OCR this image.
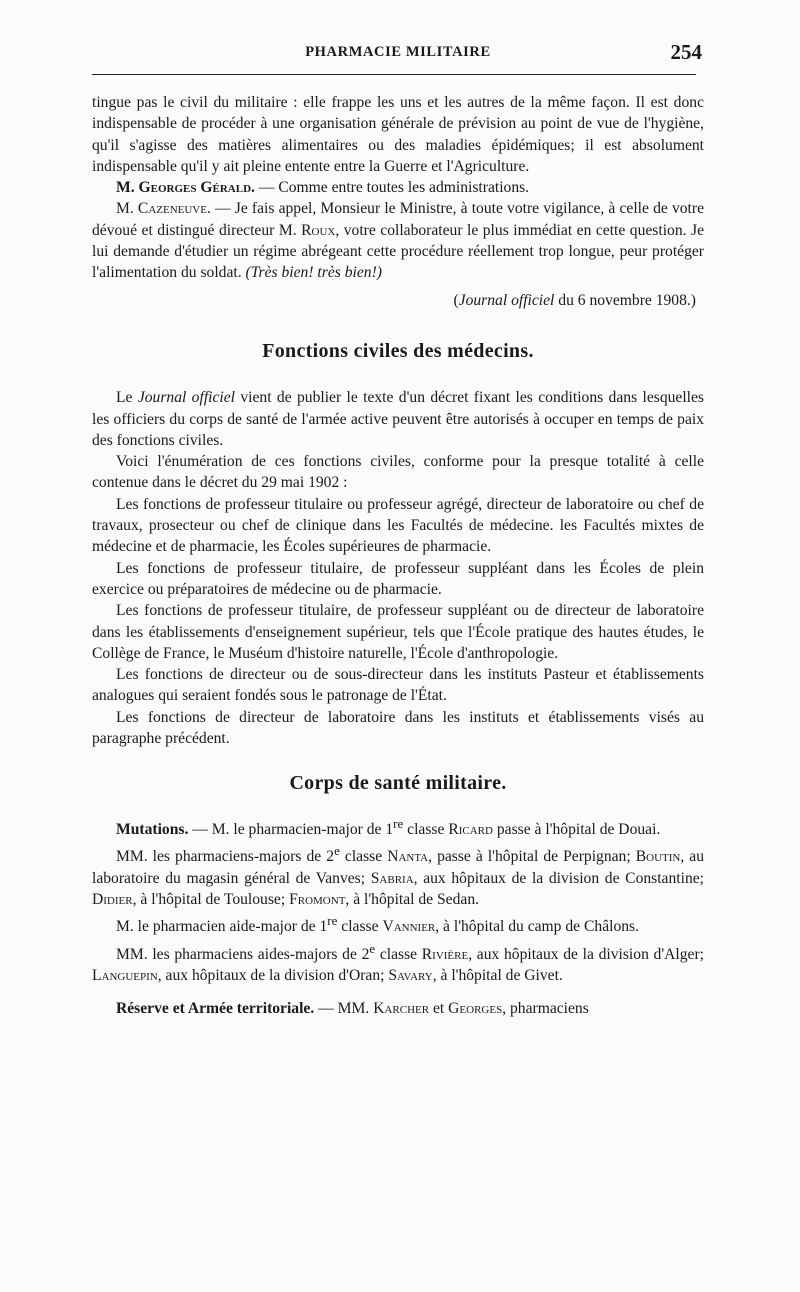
PHARMACIE MILITAIRE	254

tingue pas le civil du militaire : elle frappe les uns et les autres de la même façon. Il est donc indispensable de procéder à une organisation générale de prévision au point de vue de l'hygiène, qu'il s'agisse des matières alimentaires ou des maladies épidémiques; il est absolument indispensable qu'il y ait pleine entente entre la Guerre et l'Agriculture.

M. Georges Gérald. — Comme entre toutes les administrations.

M. Cazeneuve. — Je fais appel, Monsieur le Ministre, à toute votre vigilance, à celle de votre dévoué et distingué directeur M. Roux, votre collaborateur le plus immédiat en cette question. Je lui demande d'étudier un régime abrégeant cette procédure réellement trop longue, peur protéger l'alimentation du soldat. (Très bien! très bien!)

(Journal officiel du 6 novembre 1908.)

Fonctions civiles des médecins.

Le Journal officiel vient de publier le texte d'un décret fixant les conditions dans lesquelles les officiers du corps de santé de l'armée active peuvent être autorisés à occuper en temps de paix des fonctions civiles.

Voici l'énumération de ces fonctions civiles, conforme pour la presque totalité à celle contenue dans le décret du 29 mai 1902 :

Les fonctions de professeur titulaire ou professeur agrégé, directeur de laboratoire ou chef de travaux, prosecteur ou chef de clinique dans les Facultés de médecine. les Facultés mixtes de médecine et de pharmacie, les Écoles supérieures de pharmacie.

Les fonctions de professeur titulaire, de professeur suppléant dans les Écoles de plein exercice ou préparatoires de médecine ou de pharmacie.

Les fonctions de professeur titulaire, de professeur suppléant ou de directeur de laboratoire dans les établissements d'enseignement supérieur, tels que l'École pratique des hautes études, le Collège de France, le Muséum d'histoire naturelle, l'École d'anthropologie.

Les fonctions de directeur ou de sous-directeur dans les instituts Pasteur et établissements analogues qui seraient fondés sous le patronage de l'État.

Les fonctions de directeur de laboratoire dans les instituts et établissements visés au paragraphe précédent.

Corps de santé militaire.

Mutations. — M. le pharmacien-major de 1re classe Ricard passe à l'hôpital de Douai.

MM. les pharmaciens-majors de 2e classe Nanta, passe à l'hôpital de Perpignan; Boutin, au laboratoire du magasin général de Vanves; Sabria, aux hôpitaux de la division de Constantine; Didier, à l'hôpital de Toulouse; Fromont, à l'hôpital de Sedan.

M. le pharmacien aide-major de 1re classe Vannier, à l'hôpital du camp de Châlons.

MM. les pharmaciens aides-majors de 2e classe Rivière, aux hôpitaux de la division d'Alger; Languepin, aux hôpitaux de la division d'Oran; Savary, à l'hôpital de Givet.

Réserve et Armée territoriale. — MM. Karcher et Georges, pharmaciens
